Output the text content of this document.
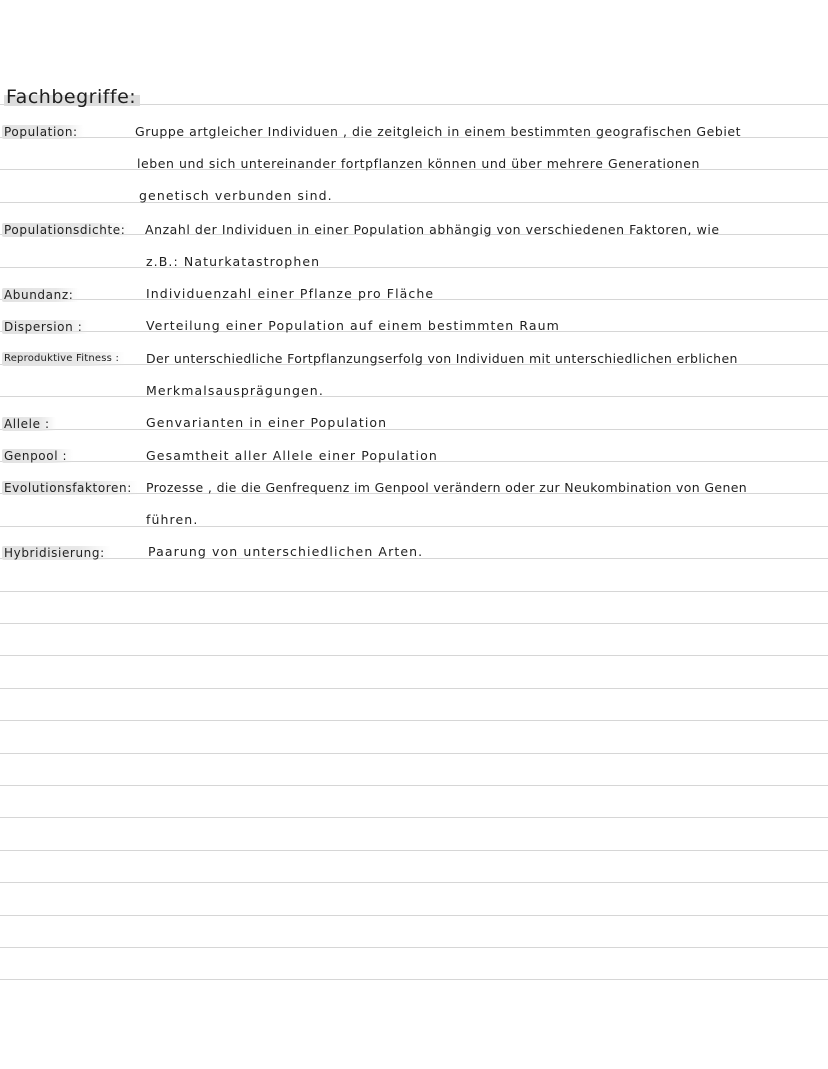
Fachbegriffe:
Population:	Gruppe artgleicher Individuen , die zeitgleich in einem bestimmten geografischen Gebiet
leben und sich untereinander fortpflanzen können und über mehrere Generationen
genetisch verbunden sind.
Populationsdichte:	Anzahl der Individuen in einer Population abhängig von verschiedenen Faktoren, wie
z.B.: Naturkatastrophen
Abundanz:	Individuenzahl einer Pflanze pro Fläche
Dispersion :	Verteilung einer Population auf einem bestimmten Raum
Reproduktive Fitness :	Der unterschiedliche Fortpflanzungserfolg von Individuen mit unterschiedlichen erblichen
Merkmalsausprägungen.
Allele :	Genvarianten in einer Population
Genpool :	Gesamtheit aller Allele einer Population
Evolutionsfaktoren:	Prozesse , die die Genfrequenz im Genpool verändern oder zur Neukombination von Genen
führen.
Hybridisierung:	Paarung von unterschiedlichen Arten.
